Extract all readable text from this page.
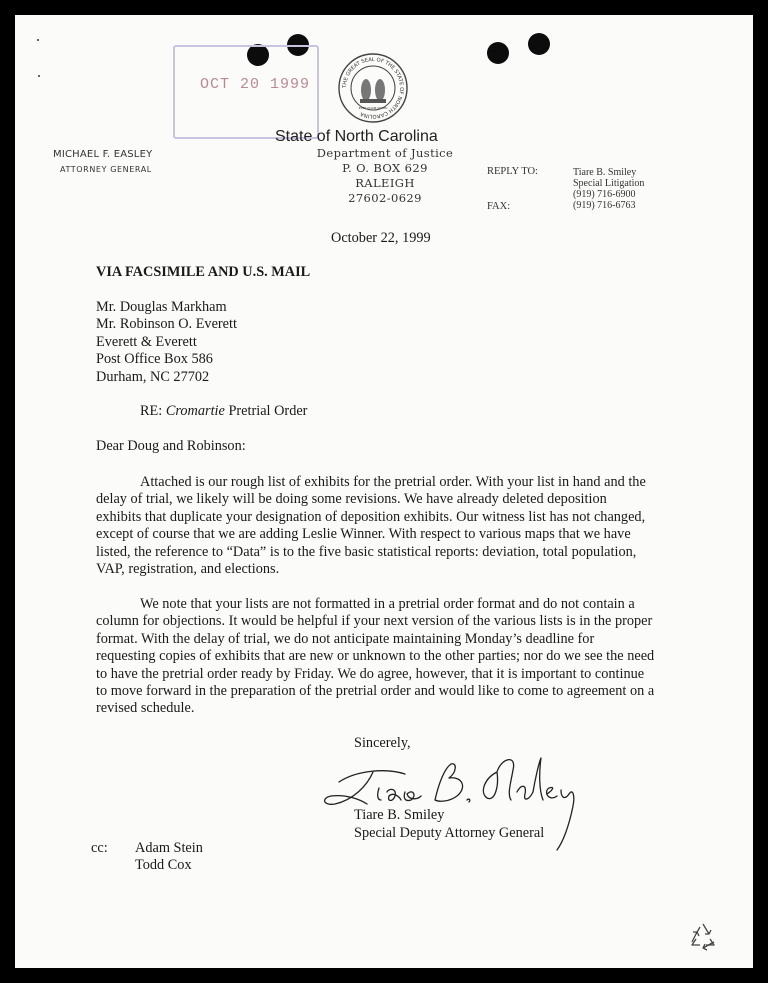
OCT 20 1999	THE GREAT SEAL OF THE STATE OF NORTH CAROLINA
ESSE QUAM VIDERI
State of North Carolina
Department of Justice
P. O. BOX 629
RALEIGH
27602-0629
MICHAEL F. EASLEY
ATTORNEY GENERAL	REPLY TO:
FAX:
Tiare B. Smiley
Special Litigation
(919) 716-6900
(919) 716-6763
October 22, 1999
VIA FACSIMILE AND U.S. MAIL
Mr. Douglas Markham
Mr. Robinson O. Everett
Everett & Everett
Post Office Box 586
Durham, NC 27702
RE: Cromartie Pretrial Order
Dear Doug and Robinson:
Attached is our rough list of exhibits for the pretrial order. With your list in hand and the
delay of trial, we likely will be doing some revisions. We have already deleted deposition
exhibits that duplicate your designation of deposition exhibits. Our witness list has not changed,
except of course that we are adding Leslie Winner. With respect to various maps that we have
listed, the reference to “Data” is to the five basic statistical reports: deviation, total population,
VAP, registration, and elections.
We note that your lists are not formatted in a pretrial order format and do not contain a
column for objections. It would be helpful if your next version of the various lists is in the proper
format. With the delay of trial, we do not anticipate maintaining Monday’s deadline for
requesting copies of exhibits that are new or unknown to the other parties; nor do we see the need
to have the pretrial order ready by Friday. We do agree, however, that it is important to continue
to move forward in the preparation of the pretrial order and would like to come to agreement on a
revised schedule.
Sincerely,
Tiare B. Smiley
Special Deputy Attorney General
cc: Adam Stein
Todd Cox
